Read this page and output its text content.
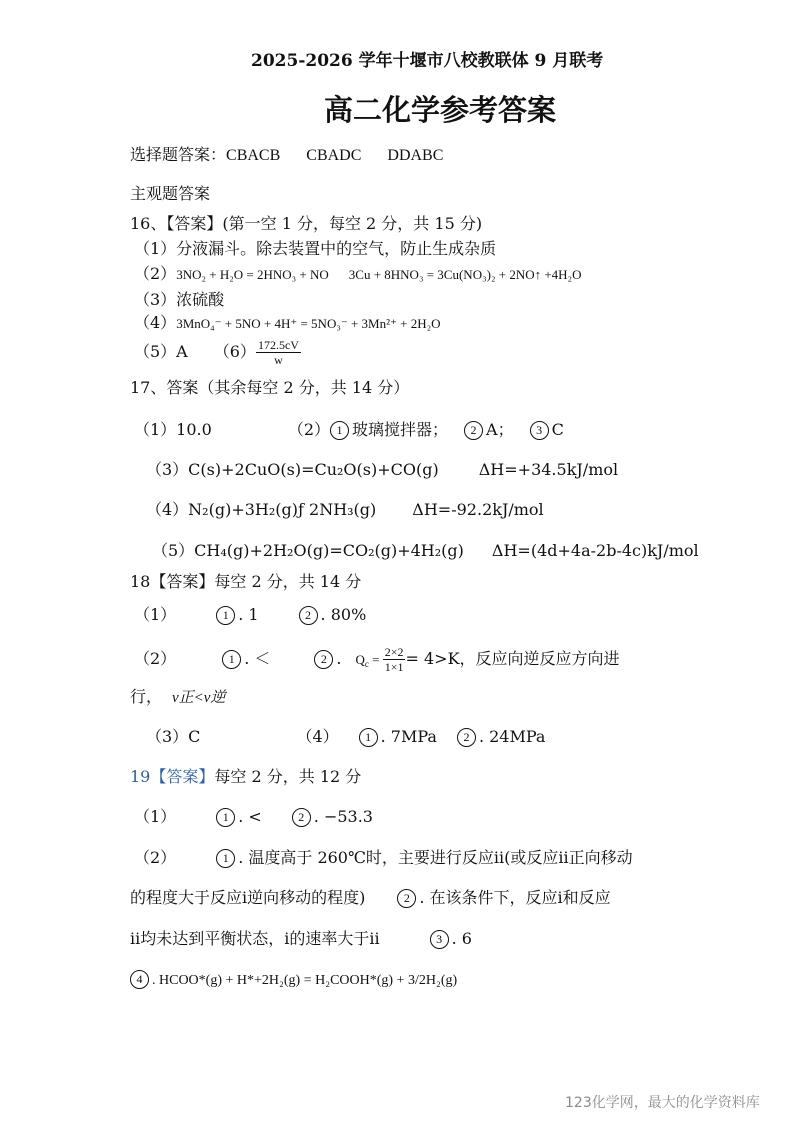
2025-2026 学年十堰市八校教联体 9 月联考
高二化学参考答案
选择题答案：CBACB CBADC DDABC
主观题答案
16、【答案】(第一空 1 分，每空 2 分，共 15 分)
（1）分液漏斗。除去装置中的空气，防止生成杂质
（2）3NO₂ + H₂O = 2HNO₃ + NO 3Cu + 8HNO₃ = 3Cu(NO₃)₂ + 2NO↑ +4H₂O
（3）浓硫酸
（4）3MnO₄⁻ + 5NO + 4H⁺ = 5NO₃⁻ + 3Mn²⁺ + 2H₂O
（5）A $(6) \frac{172.5cV}{w}$
17、答案（其余每空 2 分，共 14 分）
（1）10.0	（2） 1 玻璃搅拌器； 2 A； 3 C
（3）C(s)+2CuO(s)=Cu₂O(s)+CO(g)	ΔH=+34.5kJ/mol
（4）N₂(g)+3H₂(g)ƒ 2NH₃(g) ΔH=-92.2kJ/mol
（5）CH₄(g)+2H₂O(g)=CO₂(g)+4H₂(g) ΔH=(4d+4a-2b-4c)kJ/mol
18【答案】每空 2 分，共 14 分
（1）	1 . 1	2 . 80%
（2）	1 . ＜	2 . $Q_c = \frac{2\times 2}{1\times 1} = 4>K$，反应向逆反应方向进
行， v正<v逆
（3）C	（4） 1 . 7MPa 2 . 24MPa
19【答案】每空 2 分，共 12 分
（1）	1 . <	2 . −53.3
（2）	1 . 温度高于 260℃时，主要进行反应ii(或反应ii正向移动
的程度大于反应i逆向移动的程度)	2 . 在该条件下，反应i和反应
ii均未达到平衡状态，i的速率大于ii	3 . 6
4 . HCOO*(g) + H*+2H₂(g) = H₂COOH*(g) + 3/2H₂(g)
123化学网，最大的化学资料库
